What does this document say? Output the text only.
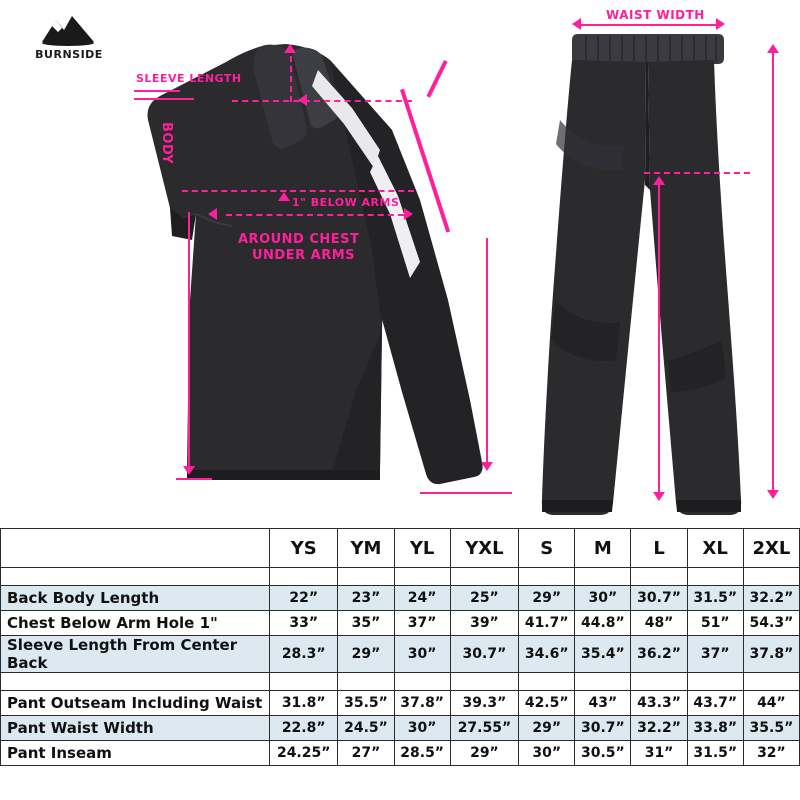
SLEEVE LENGTH
BODY
1" BELOW ARMS
AROUND CHEST
UNDER ARMS
WAIST WIDTH
BURNSIDE
	YS	YM	YL	YXL	S	M	L	XL	2XL

Back Body Length	22”	23”	24”	25”	29”	30”	30.7”	31.5”	32.2”
Chest Below Arm Hole 1"	33”	35”	37”	39”	41.7”	44.8”	48”	51”	54.3”
Sleeve Length From Center Back	28.3”	29”	30”	30.7”	34.6”	35.4”	36.2”	37”	37.8”

Pant Outseam Including Waist	31.8”	35.5”	37.8”	39.3”	42.5”	43”	43.3”	43.7”	44”
Pant Waist Width	22.8”	24.5”	30”	27.55”	29”	30.7”	32.2”	33.8”	35.5”
Pant Inseam	24.25”	27”	28.5”	29”	30”	30.5”	31”	31.5”	32”
